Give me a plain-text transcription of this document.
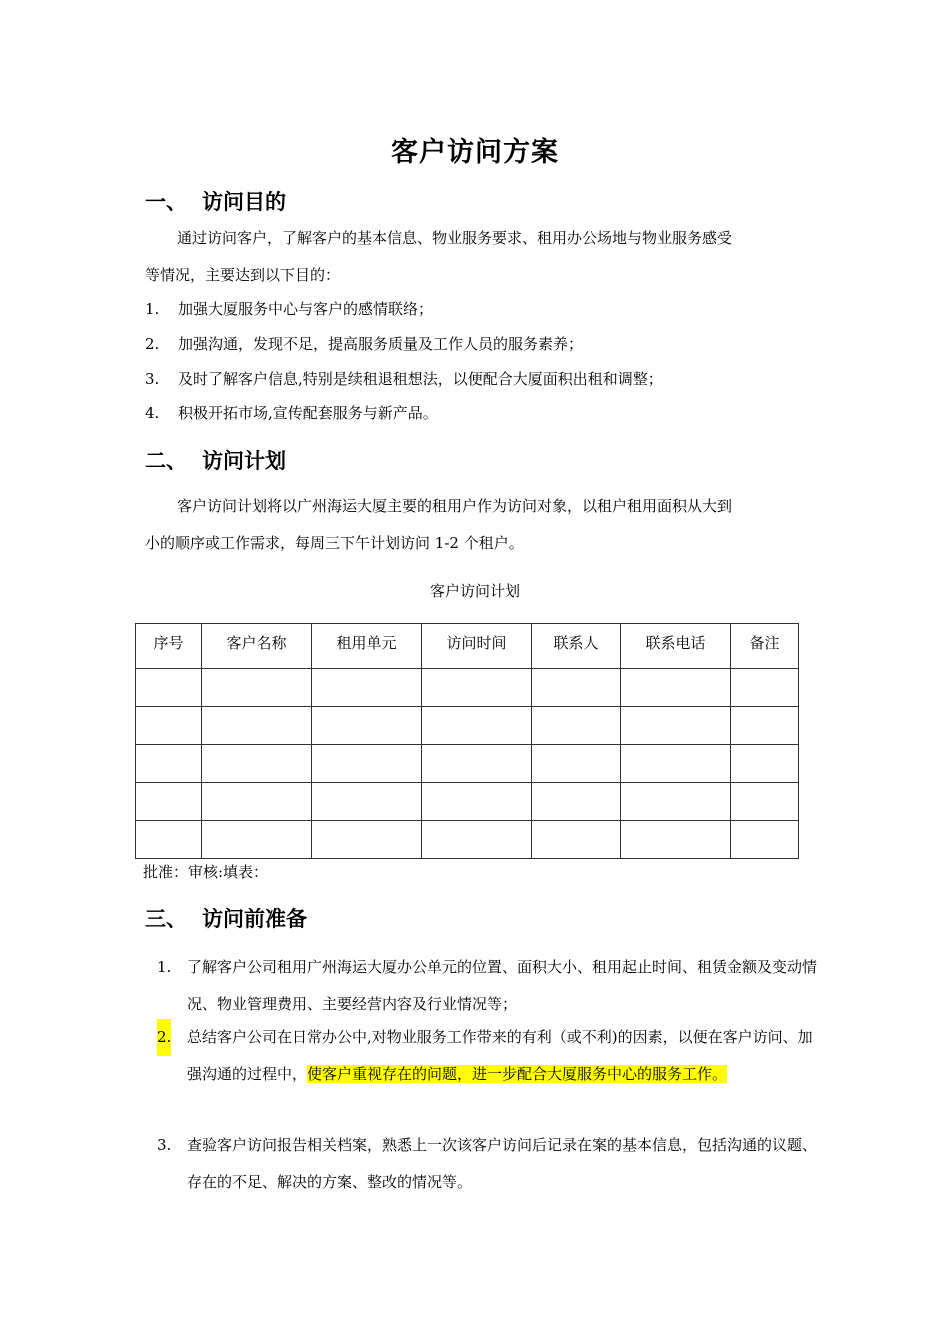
客户访问方案
一、 访问目的
通过访问客户，了解客户的基本信息、物业服务要求、租用办公场地与物业服务感受
等情况，主要达到以下目的：
1. 加强大厦服务中心与客户的感情联络；
2. 加强沟通，发现不足，提高服务质量及工作人员的服务素养；
3. 及时了解客户信息,特别是续租退租想法，以便配合大厦面积出租和调整；
4. 积极开拓市场,宣传配套服务与新产品。
二、 访问计划
客户访问计划将以广州海运大厦主要的租用户作为访问对象，以租户租用面积从大到
小的顺序或工作需求，每周三下午计划访问 1-2 个租户。
客户访问计划
序号	客户名称	租用单元	访问时间	联系人	联系电话	备注

批准：审核:填表：
三、 访问前准备
1. 了解客户公司租用广州海运大厦办公单元的位置、面积大小、租用起止时间、租赁金额及变动情况、物业管理费用、主要经营内容及行业情况等；
2. 总结客户公司在日常办公中,对物业服务工作带来的有利（或不利)的因素，以便在客户访问、加强沟通的过程中，使客户重视存在的问题，进一步配合大厦服务中心的服务工作。
3. 查验客户访问报告相关档案，熟悉上一次该客户访问后记录在案的基本信息，包括沟通的议题、存在的不足、解决的方案、整改的情况等。
